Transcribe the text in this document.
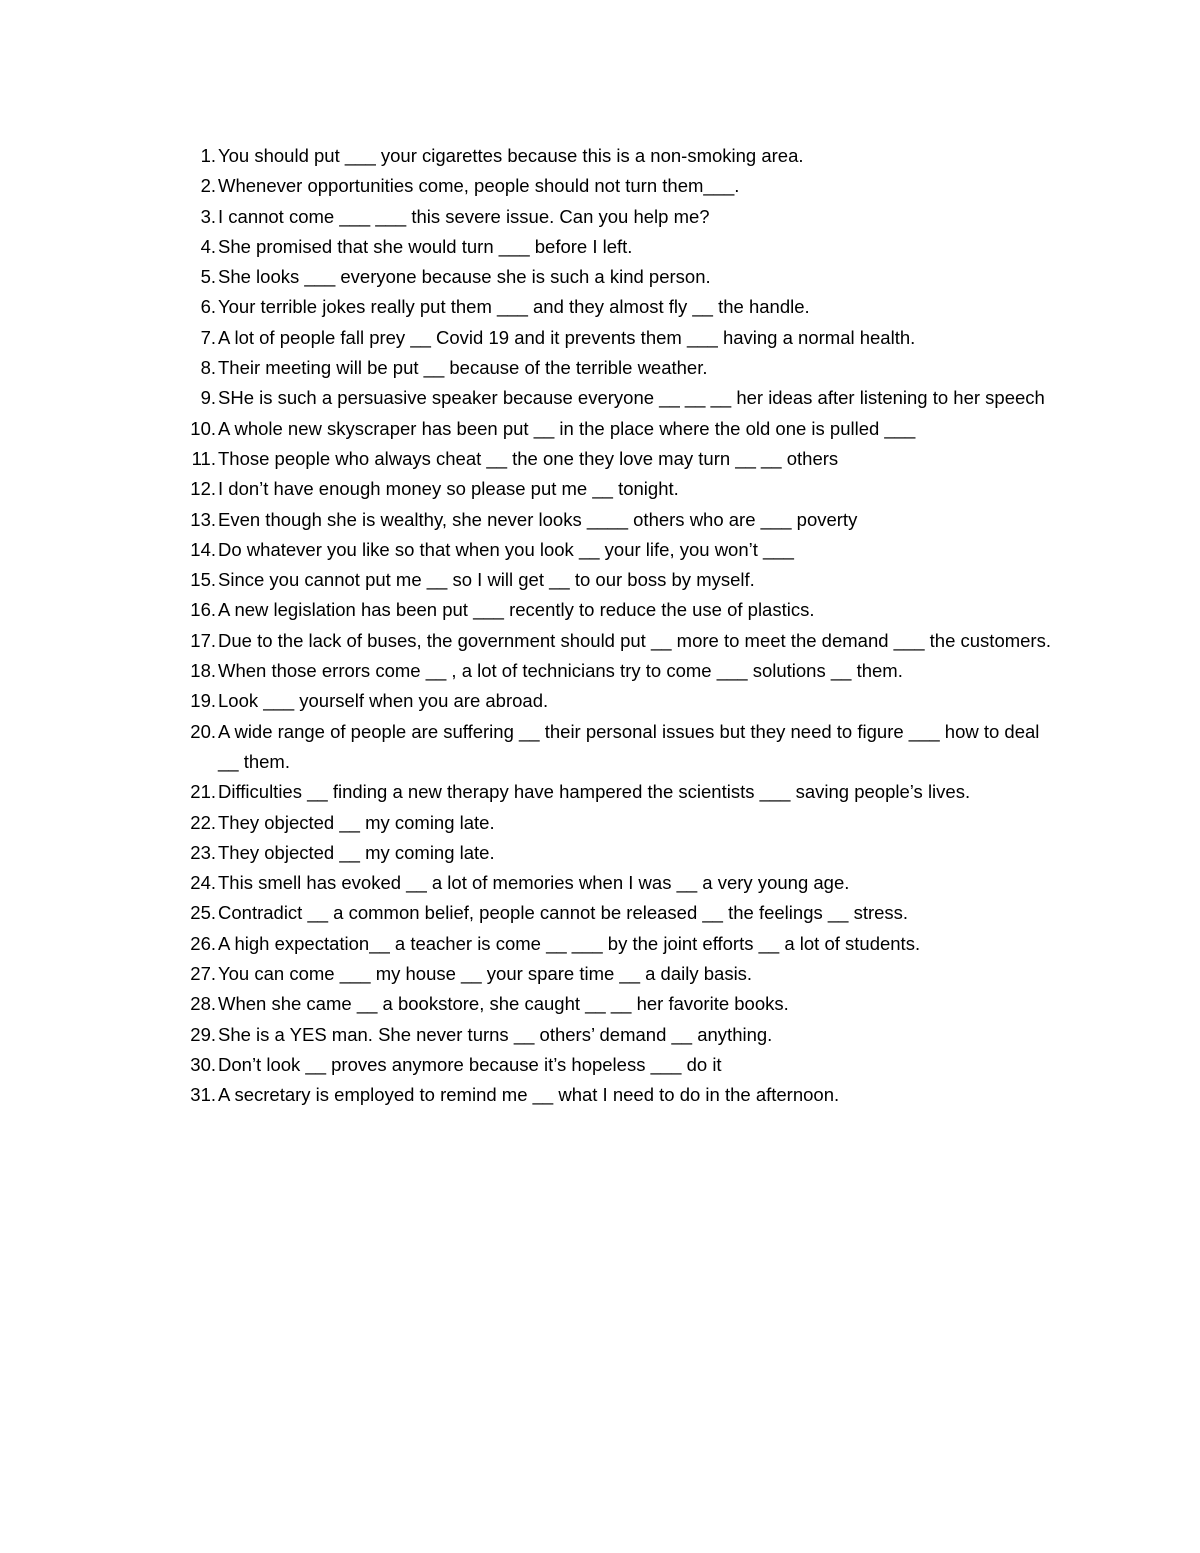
1. You should put ___ your cigarettes because this is a non-smoking area.
2. Whenever opportunities come, people should not turn them___.
3. I cannot come ___ ___ this severe issue. Can you help me?
4. She promised that she would turn ___ before I left.
5. She looks ___ everyone because she is such a kind person.
6. Your terrible jokes really put them ___ and they almost fly __ the handle.
7. A lot of people fall prey __ Covid 19 and it prevents them ___ having a normal health.
8. Their meeting will be put __ because of the terrible weather.
9. SHe is such a persuasive speaker because everyone __ __ __ her ideas after listening to her speech
10. A whole new skyscraper has been put __ in the place where the old one is pulled ___
11. Those people who always cheat __ the one they love may turn __ __ others
12. I don’t have enough money so please put me __ tonight.
13. Even though she is wealthy, she never looks ____ others who are ___ poverty
14. Do whatever you like so that when you look __ your life, you won’t ___
15. Since you cannot put me __ so I will get __ to our boss by myself.
16. A new legislation has been put ___ recently to reduce the use of plastics.
17. Due to the lack of buses, the government should put __ more to meet the demand ___ the customers.
18. When those errors come __ , a lot of technicians try to come ___ solutions __ them.
19. Look ___ yourself when you are abroad.
20. A wide range of people are suffering __ their personal issues but they need to figure ___ how to deal __ them.
21. Difficulties __ finding a new therapy have hampered the scientists ___ saving people’s lives.
22. They objected __ my coming late.
23. They objected __ my coming late.
24. This smell has evoked __ a lot of memories when I was __ a very young age.
25. Contradict __ a common belief, people cannot be released __ the feelings __ stress.
26. A high expectation__ a teacher is come __ ___ by the joint efforts __ a lot of students.
27. You can come ___ my house __ your spare time __ a daily basis.
28. When she came __ a bookstore, she caught __ __ her favorite books.
29. She is a YES man. She never turns __ others’ demand __ anything.
30. Don’t look __ proves anymore because it’s hopeless ___ do it
31. A secretary is employed to remind me __ what I need to do in the afternoon.
